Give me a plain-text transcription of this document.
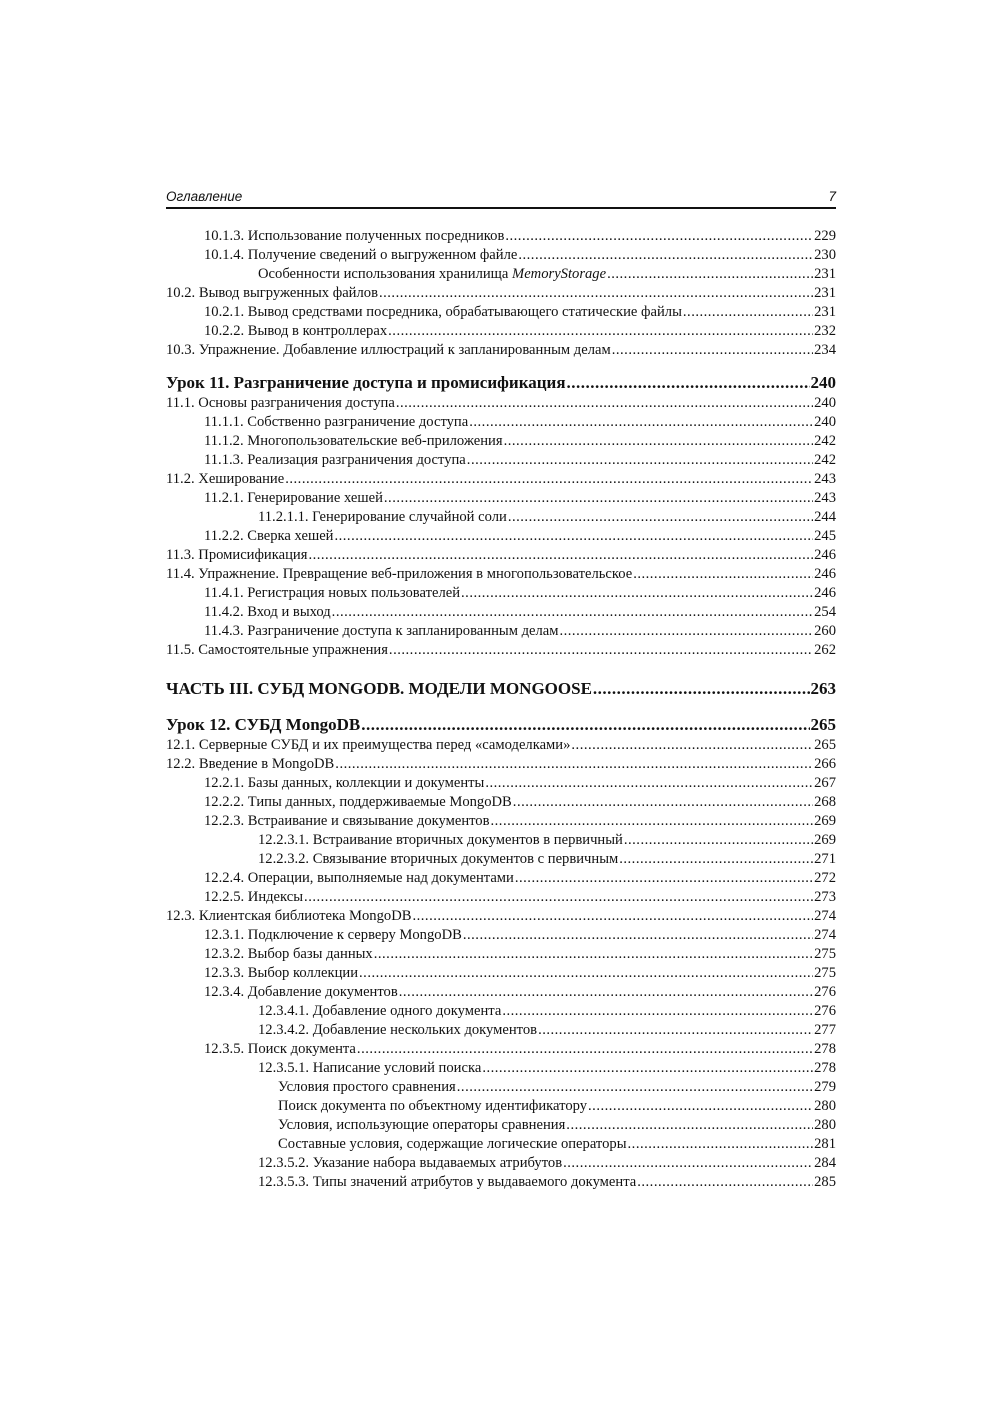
Оглавление	7
10.1.3. Использование полученных посредников .....	229
10.1.4. Получение сведений о выгруженном файле .....	230
Особенности использования хранилища MemoryStorage .....	231
10.2. Вывод выгруженных файлов .....	231
10.2.1. Вывод средствами посредника, обрабатывающего статические файлы .....	231
10.2.2. Вывод в контроллерах .....	232
10.3. Упражнение. Добавление иллюстраций к запланированным делам .....	234
Урок 11. Разграничение доступа и промисификация .....	240
11.1. Основы разграничения доступа .....	240
11.1.1. Собственно разграничение доступа .....	240
11.1.2. Многопользовательские веб-приложения .....	242
11.1.3. Реализация разграничения доступа .....	242
11.2. Хеширование .....	243
11.2.1. Генерирование хешей .....	243
11.2.1.1. Генерирование случайной соли .....	244
11.2.2. Сверка хешей .....	245
11.3. Промисификация .....	246
11.4. Упражнение. Превращение веб-приложения в многопользовательское .....	246
11.4.1. Регистрация новых пользователей .....	246
11.4.2. Вход и выход .....	254
11.4.3. Разграничение доступа к запланированным делам .....	260
11.5. Самостоятельные упражнения .....	262
ЧАСТЬ III. СУБД MONGODB. МОДЕЛИ MONGOOSE .....	263
Урок 12. СУБД MongoDB .....	265
12.1. Серверные СУБД и их преимущества перед «самоделками» .....	265
12.2. Введение в MongoDB .....	266
12.2.1. Базы данных, коллекции и документы .....	267
12.2.2. Типы данных, поддерживаемые MongoDB .....	268
12.2.3. Встраивание и связывание документов .....	269
12.2.3.1. Встраивание вторичных документов в первичный .....	269
12.2.3.2. Связывание вторичных документов с первичным .....	271
12.2.4. Операции, выполняемые над документами .....	272
12.2.5. Индексы .....	273
12.3. Клиентская библиотека MongoDB .....	274
12.3.1. Подключение к серверу MongoDB .....	274
12.3.2. Выбор базы данных .....	275
12.3.3. Выбор коллекции .....	275
12.3.4. Добавление документов .....	276
12.3.4.1. Добавление одного документа .....	276
12.3.4.2. Добавление нескольких документов .....	277
12.3.5. Поиск документа .....	278
12.3.5.1. Написание условий поиска .....	278
Условия простого сравнения .....	279
Поиск документа по объектному идентификатору .....	280
Условия, использующие операторы сравнения .....	280
Составные условия, содержащие логические операторы .....	281
12.3.5.2. Указание набора выдаваемых атрибутов .....	284
12.3.5.3. Типы значений атрибутов у выдаваемого документа .....	285
